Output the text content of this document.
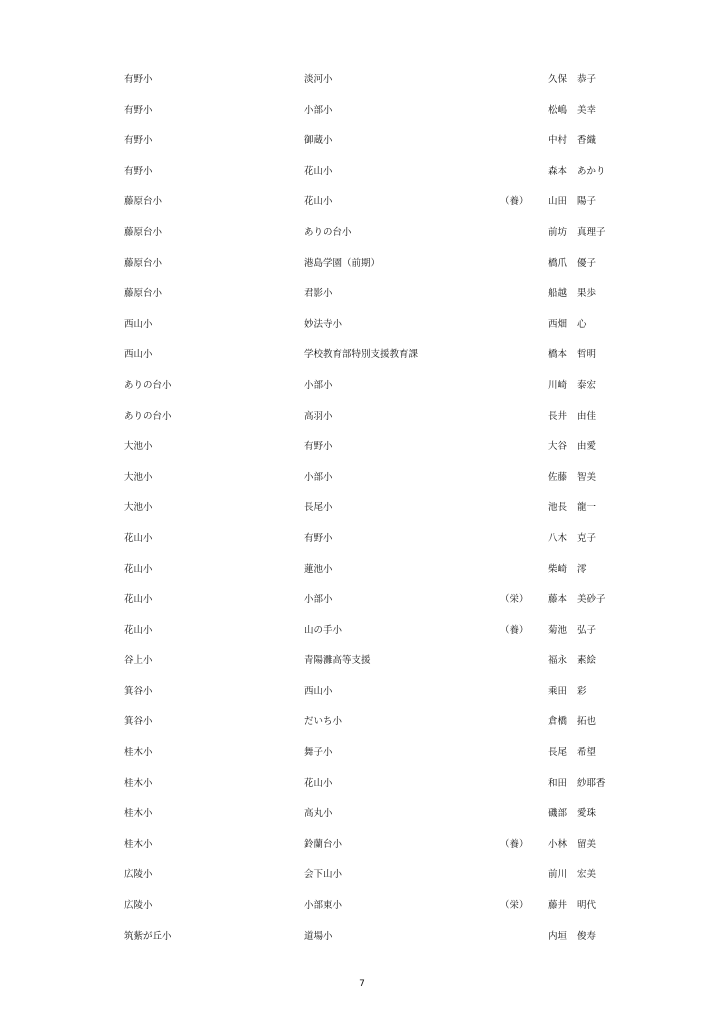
有野小	淡河小	久保 恭子
有野小	小部小	松嶋 美幸
有野小	御蔵小	中村 香織
有野小	花山小	森本 あかり
藤原台小	花山小	（養） 山田 陽子
藤原台小	ありの台小	前坊 真理子
藤原台小	港島学園（前期）	橋爪 優子
藤原台小	君影小	船越 果歩
西山小	妙法寺小	西畑 心
西山小	学校教育部特別支援教育課	橋本 哲明
ありの台小	小部小	川崎 泰宏
ありの台小	高羽小	長井 由佳
大池小	有野小	大谷 由愛
大池小	小部小	佐藤 智美
大池小	長尾小	池長 龍一
花山小	有野小	八木 克子
花山小	蓮池小	柴崎 澪
花山小	小部小	（栄） 藤本 美砂子
花山小	山の手小	（養） 菊池 弘子
谷上小	青陽灘高等支援	福永 素絵
箕谷小	西山小	乘田 彩
箕谷小	だいち小	倉橋 拓也
桂木小	舞子小	長尾 希望
桂木小	花山小	和田 紗耶香
桂木小	高丸小	磯部 愛珠
桂木小	鈴蘭台小	（養） 小林 留美
広陵小	会下山小	前川 宏美
広陵小	小部東小	（栄） 藤井 明代
筑紫が丘小	道場小	内垣 俊寿
7
